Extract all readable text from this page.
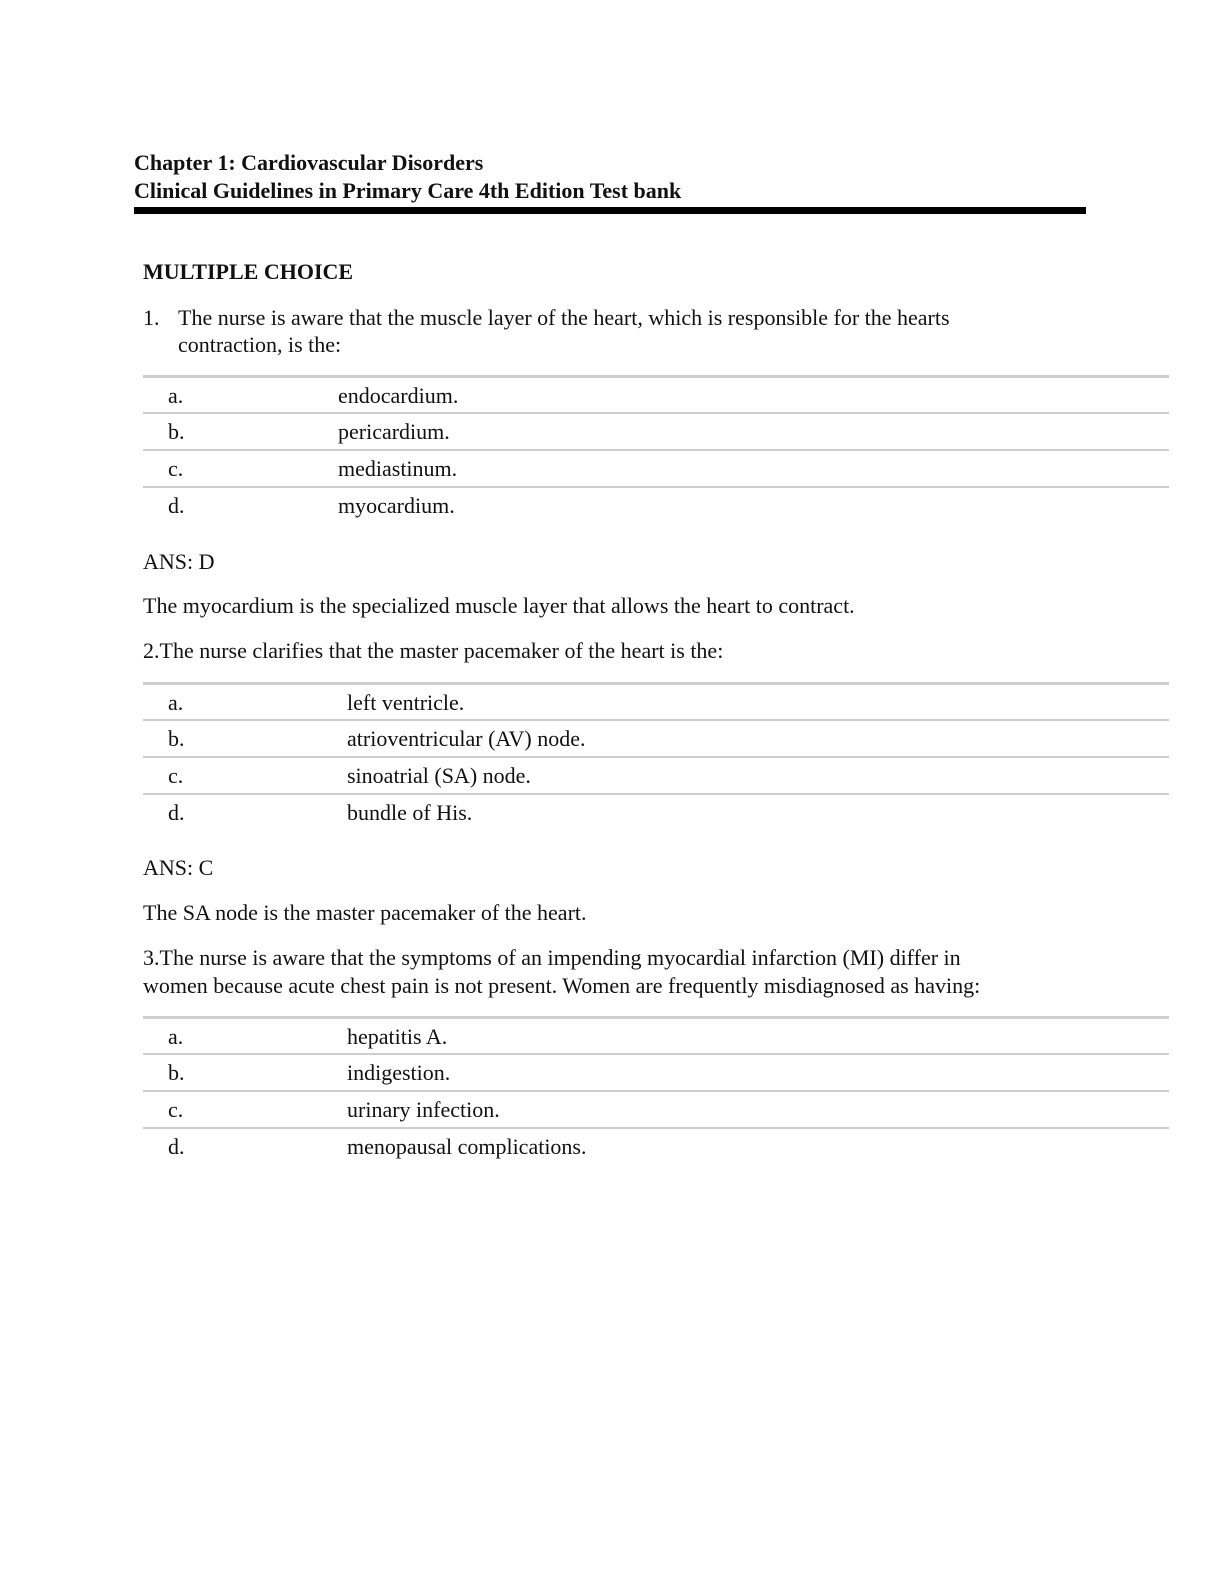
Chapter 1: Cardiovascular Disorders
Clinical Guidelines in Primary Care 4th Edition Test bank
MULTIPLE CHOICE
1. The nurse is aware that the muscle layer of the heart, which is responsible for the hearts
contraction, is the:
a.	endocardium.
b.	pericardium.
c.	mediastinum.
d.	myocardium.
ANS: D
The myocardium is the specialized muscle layer that allows the heart to contract.
2.The nurse clarifies that the master pacemaker of the heart is the:
a.	left ventricle.
b.	atrioventricular (AV) node.
c.	sinoatrial (SA) node.
d.	bundle of His.
ANS: C
The SA node is the master pacemaker of the heart.
3.The nurse is aware that the symptoms of an impending myocardial infarction (MI) differ in
women because acute chest pain is not present. Women are frequently misdiagnosed as having:
a.	hepatitis A.
b.	indigestion.
c.	urinary infection.
d.	menopausal complications.
